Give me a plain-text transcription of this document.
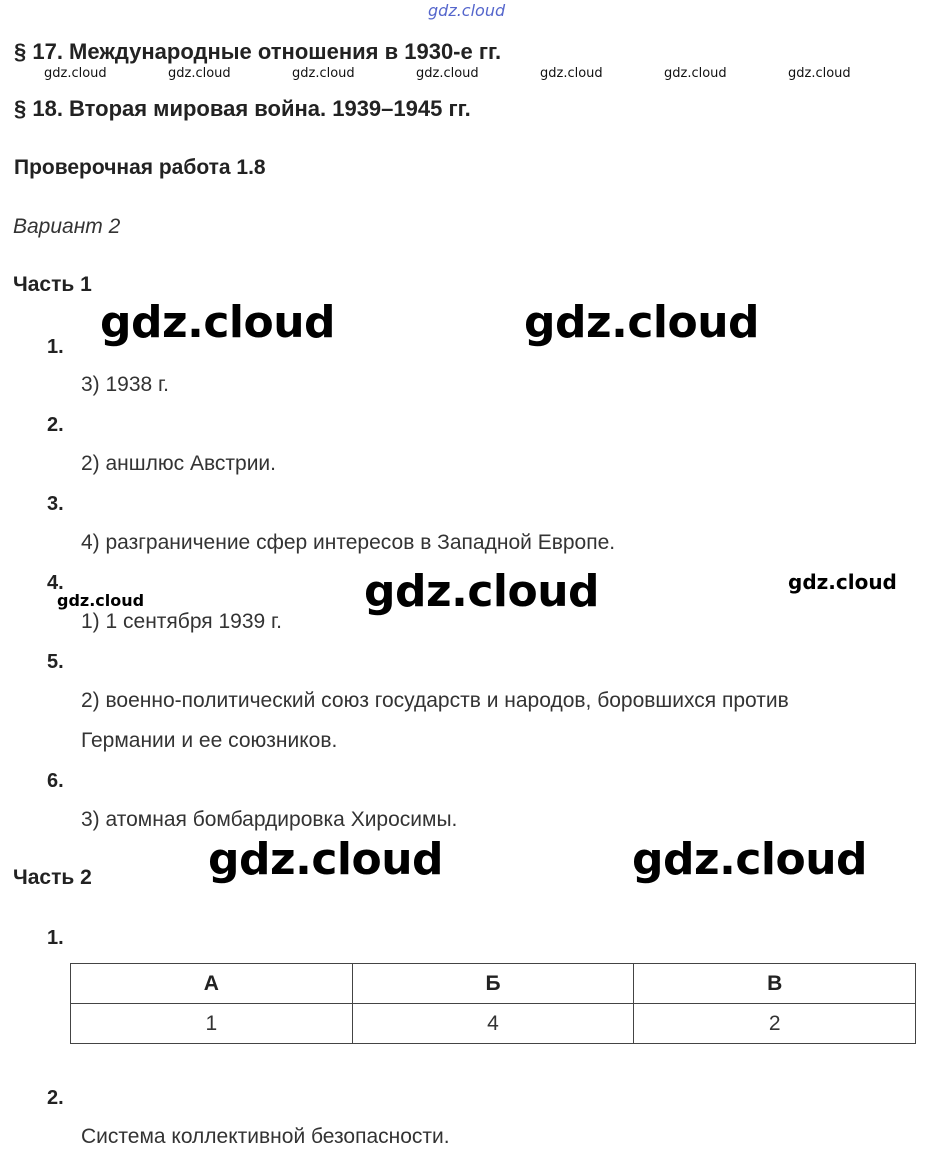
gdz.cloud
§ 17. Международные отношения в 1930-е гг.
gdz.cloud	gdz.cloud	gdz.cloud	gdz.cloud	gdz.cloud	gdz.cloud	gdz.cloud
§ 18. Вторая мировая война. 1939–1945 гг.
Проверочная работа 1.8
Вариант 2
Часть 1
gdz.cloud	gdz.cloud
1.
3) 1938 г.
2.
2) аншлюс Австрии.
3.
4) разграничение сфер интересов в Западной Европе.
4.
gdz.cloud	gdz.cloud	gdz.cloud
1) 1 сентября 1939 г.
5.
2) военно-политический союз государств и народов, боровшихся против
Германии и ее союзников.
6.
3) атомная бомбардировка Хиросимы.
Часть 2	gdz.cloud	gdz.cloud
1.
А	Б	В
1	4	2
2.
Система коллективной безопасности.
